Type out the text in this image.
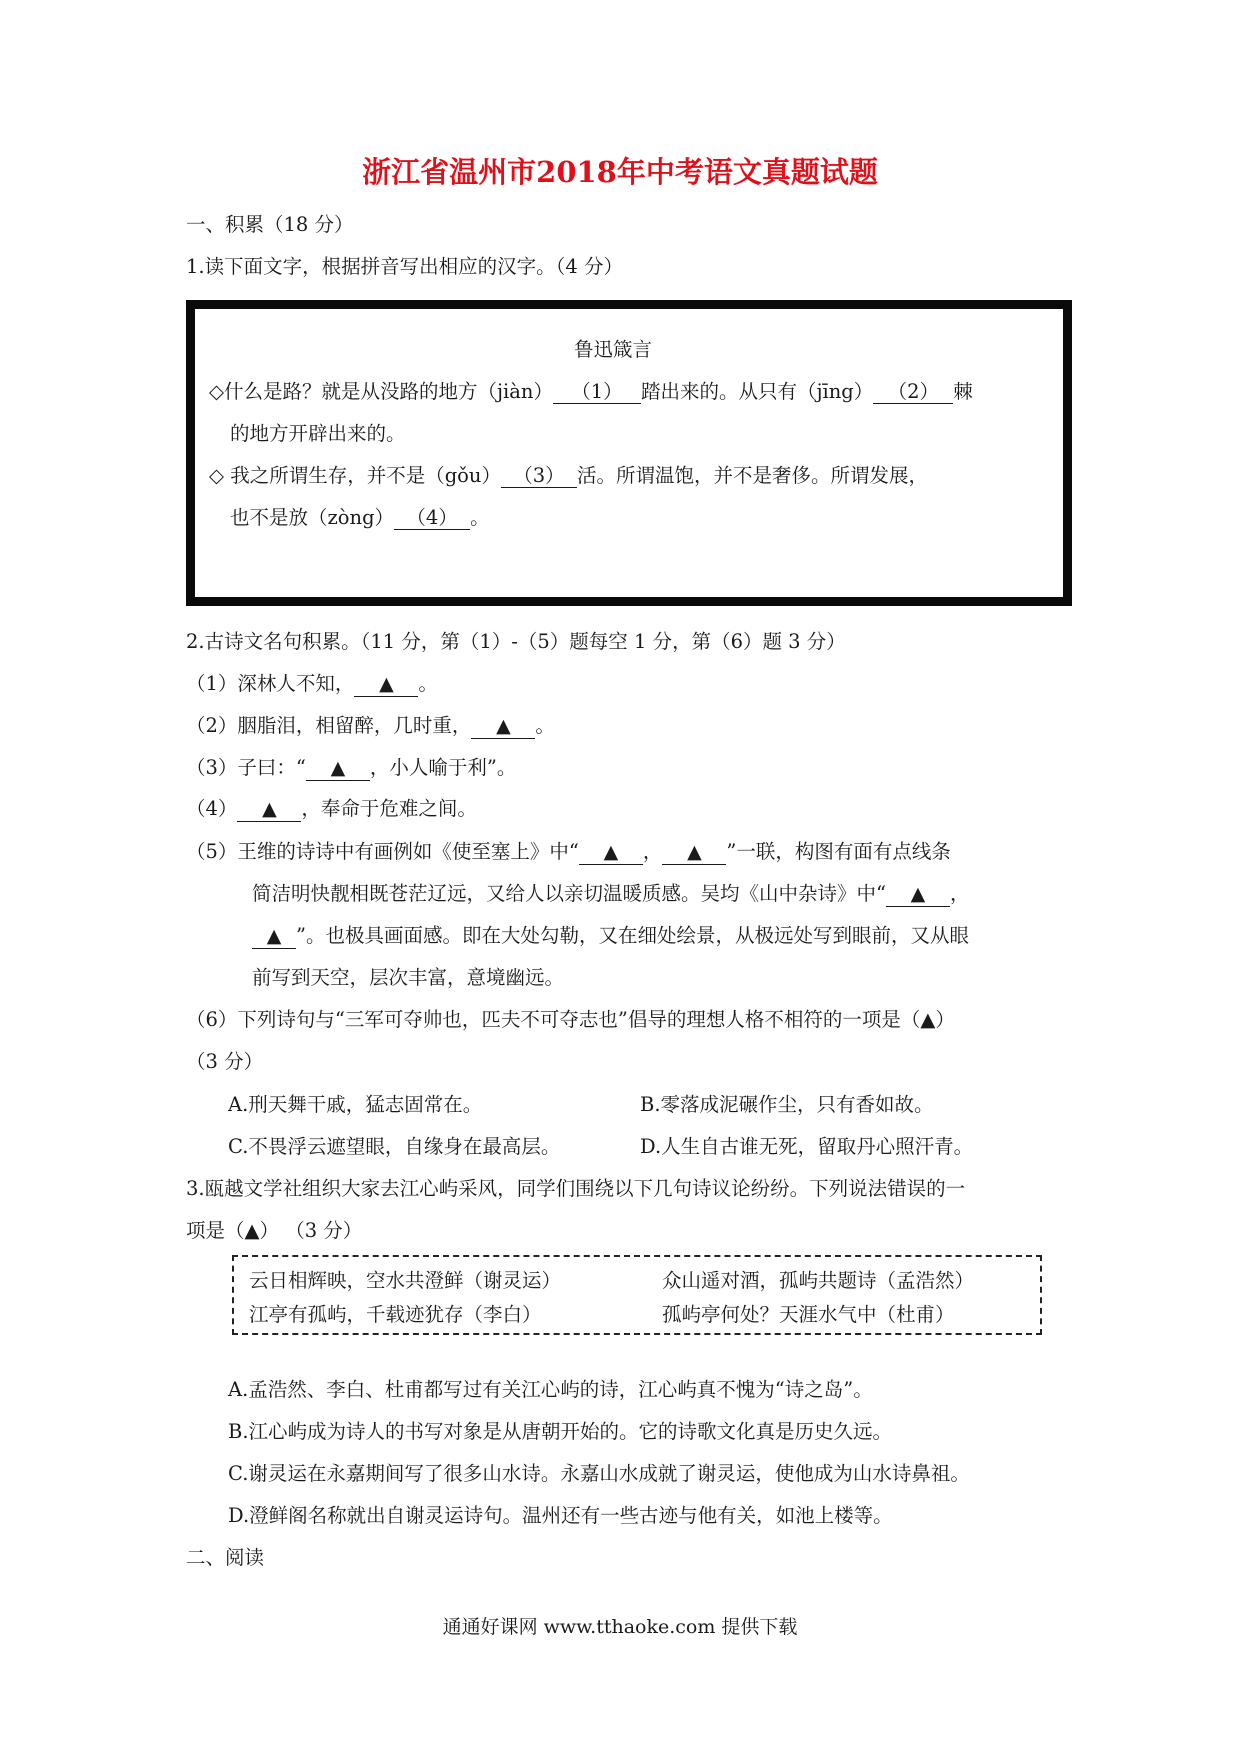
浙江省温州市2018年中考语文真题试题
一、积累（18 分）
1.读下面文字，根据拼音写出相应的汉字。（4 分）
鲁迅箴言
◇什么是路？就是从没路的地方（jiàn） （1） 踏出来的。从只有（jīng） （2） 棘
的地方开辟出来的。
◇ 我之所谓生存，并不是（gǒu） （3） 活。所谓温饱，并不是奢侈。所谓发展，
也不是放（zòng） （4） 。
2.古诗文名句积累。（11 分，第（1）-（5）题每空 1 分，第（6）题 3 分）
（1）深林人不知， ▲ 。
（2）胭脂泪，相留醉，几时重， ▲ 。
（3）子曰：“ ▲ ，小人喻于利”。
（4） ▲ ，奉命于危难之间。
（5）王维的诗诗中有画例如《使至塞上》中“ ▲ ， ▲ ”一联，构图有面有点线条
简洁明快靓相既苍茫辽远，又给人以亲切温暖质感。吴均《山中杂诗》中“ ▲ ，
▲ ”。也极具画面感。即在大处勾勒，又在细处绘景，从极远处写到眼前，又从眼
前写到天空，层次丰富，意境幽远。
（6）下列诗句与“三军可夺帅也，匹夫不可夺志也”倡导的理想人格不相符的一项是（▲）
（3 分）
A.刑天舞干戚，猛志固常在。	B.零落成泥碾作尘，只有香如故。
C.不畏浮云遮望眼，自缘身在最高层。	D.人生自古谁无死，留取丹心照汗青。
3.瓯越文学社组织大家去江心屿采风，同学们围绕以下几句诗议论纷纷。下列说法错误的一
项是（▲） （3 分）
云日相辉映，空水共澄鲜（谢灵运）	众山遥对酒，孤屿共题诗（孟浩然）
江亭有孤屿，千载迹犹存（李白）	孤屿亭何处？天涯水气中（杜甫）
A.孟浩然、李白、杜甫都写过有关江心屿的诗，江心屿真不愧为“诗之岛”。
B.江心屿成为诗人的书写对象是从唐朝开始的。它的诗歌文化真是历史久远。
C.谢灵运在永嘉期间写了很多山水诗。永嘉山水成就了谢灵运，使他成为山水诗鼻祖。
D.澄鲜阁名称就出自谢灵运诗句。温州还有一些古迹与他有关，如池上楼等。
二、阅读
通通好课网 www.tthaoke.com 提供下载
